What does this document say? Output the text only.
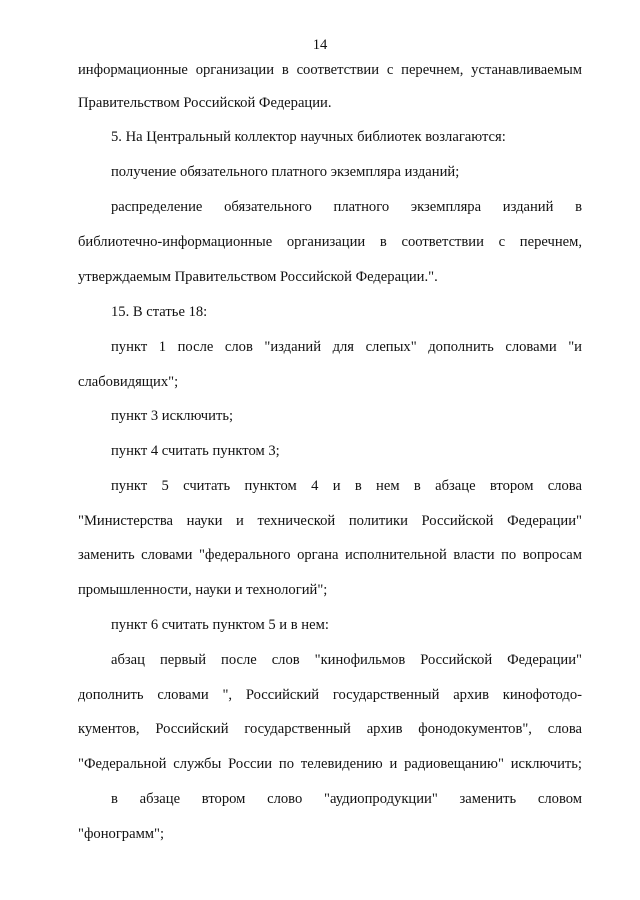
14
информационные организации в соответствии с перечнем, устанавливаемым
Правительством Российской Федерации.
5. На Центральный коллектор научных библиотек возлагаются:
получение обязательного платного экземпляра изданий;
распределение обязательного платного экземпляра изданий в
библиотечно-информационные организации в соответствии с перечнем,
утверждаемым Правительством Российской Федерации.".
15. В статье 18:
пункт 1 после слов "изданий для слепых" дополнить словами "и
слабовидящих";
пункт 3 исключить;
пункт 4 считать пунктом 3;
пункт 5 считать пунктом 4 и в нем в абзаце втором слова
"Министерства науки и технической политики Российской Федерации"
заменить словами "федерального органа исполнительной власти по вопросам
промышленности, науки и технологий";
пункт 6 считать пунктом 5 и в нем:
абзац первый после слов "кинофильмов Российской Федерации"
дополнить словами ", Российский государственный архив кинофотодо-
кументов, Российский государственный архив фонодокументов", слова
"Федеральной службы России по телевидению и радиовещанию" исключить;
в абзаце втором слово "аудиопродукции" заменить словом
"фонограмм";
